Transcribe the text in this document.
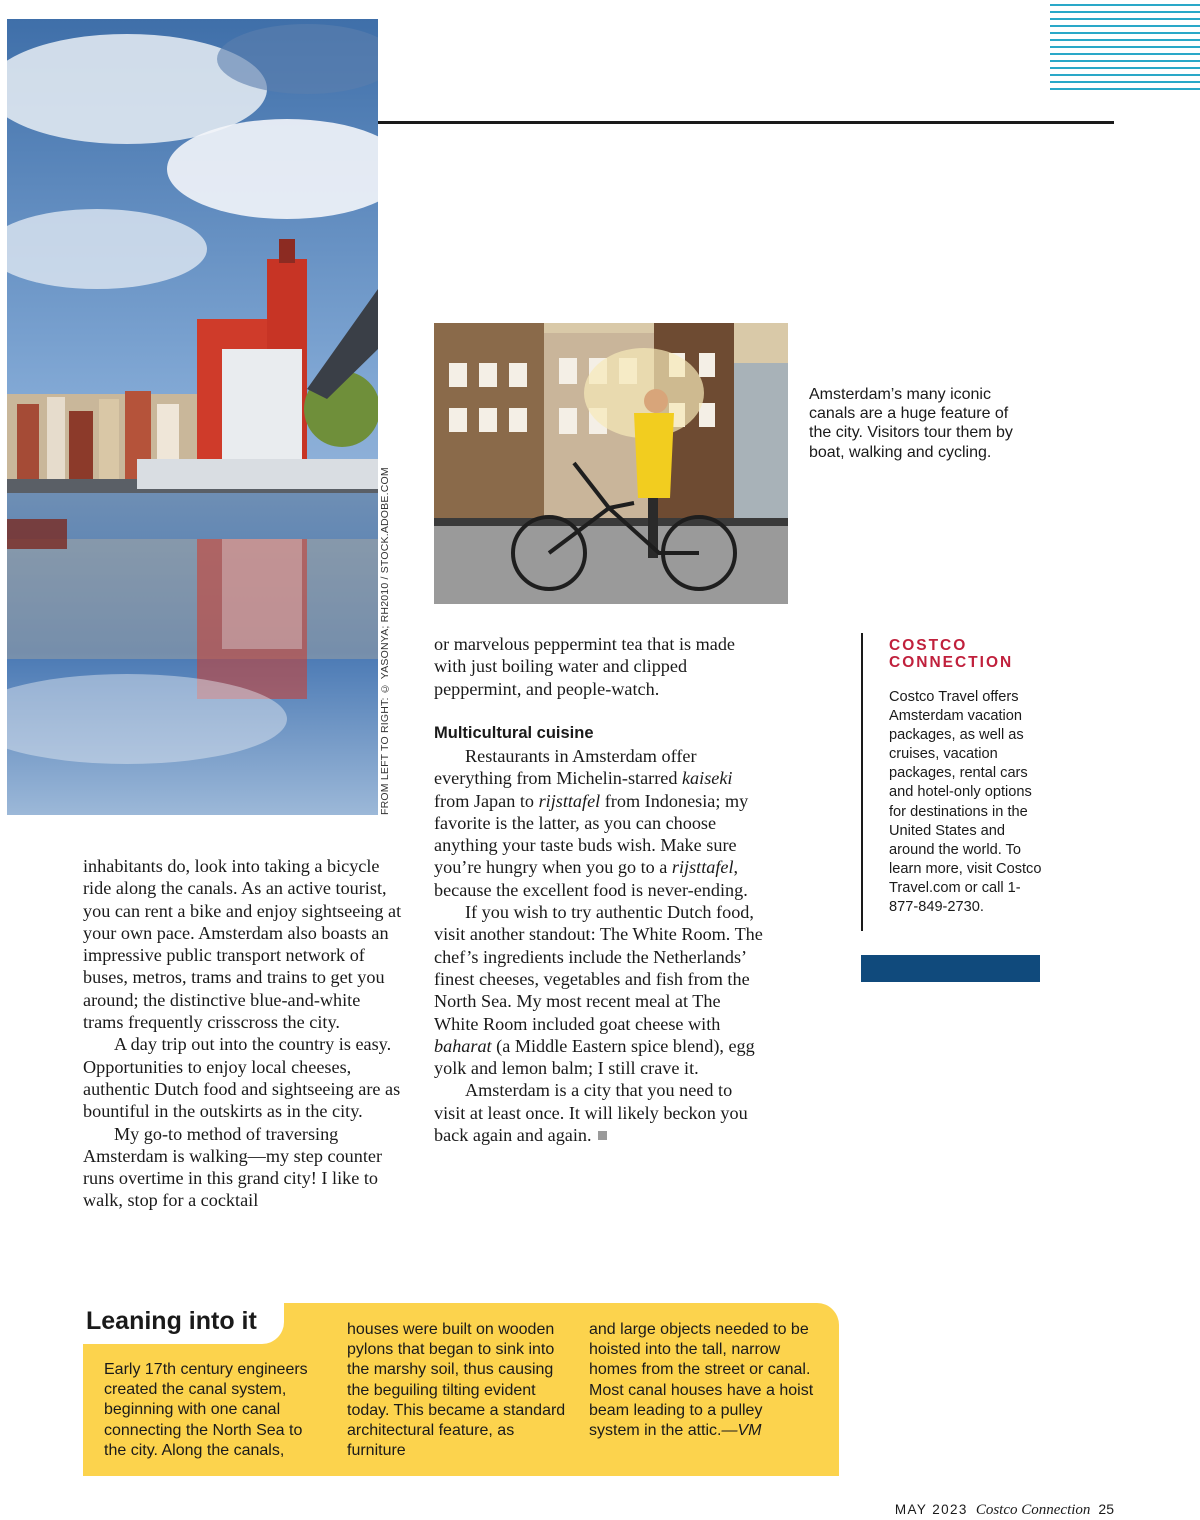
FROM LEFT TO RIGHT: © YASONYA; RH2010 / STOCK.ADOBE.COM
Amsterdam’s many iconic canals are a huge feature of the city. Visitors tour them by boat, walking and cycling.

inhabitants do, look into taking a bicycle ride along the canals. As an active tourist, you can rent a bike and enjoy sightseeing at your own pace. Amsterdam also boasts an impressive public transport network of buses, metros, trams and trains to get you around; the distinctive blue-and-white trams frequently crisscross the city.

A day trip out into the country is easy. Opportunities to enjoy local cheeses, authentic Dutch food and sightseeing are as bountiful in the outskirts as in the city.

My go-to method of traversing Amsterdam is walking—my step counter runs overtime in this grand city! I like to walk, stop for a cocktail

or marvelous peppermint tea that is made with just boiling water and clipped peppermint, and people-watch.

Multicultural cuisine

Restaurants in Amsterdam offer everything from Michelin-starred kaiseki from Japan to rijsttafel from Indonesia; my favorite is the latter, as you can choose anything your taste buds wish. Make sure you’re hungry when you go to a rijsttafel, because the excellent food is never-ending.

If you wish to try authentic Dutch food, visit another standout: The White Room. The chef’s ingredients include the Netherlands’ finest cheeses, vegetables and fish from the North Sea. My most recent meal at The White Room included goat cheese with baharat (a Middle Eastern spice blend), egg yolk and lemon balm; I still crave it.

Amsterdam is a city that you need to visit at least once. It will likely beckon you back again and again.

COSTCO CONNECTION
Costco Travel offers Amsterdam vacation packages, as well as cruises, vacation packages, rental cars and hotel-only options for destinations in the United States and around the world. To learn more, visit Costco Travel.com or call 1-877-849-2730.
Leaning into it
Early 17th century engineers created the canal system, beginning with one canal connecting the North Sea to the city. Along the canals,
houses were built on wooden pylons that began to sink into the marshy soil, thus causing the beguiling tilting evident today. This became a standard architectural feature, as furniture
and large objects needed to be hoisted into the tall, narrow homes from the street or canal. Most canal houses have a hoist beam leading to a pulley system in the attic.—VM
MAY 2023 Costco Connection 25
